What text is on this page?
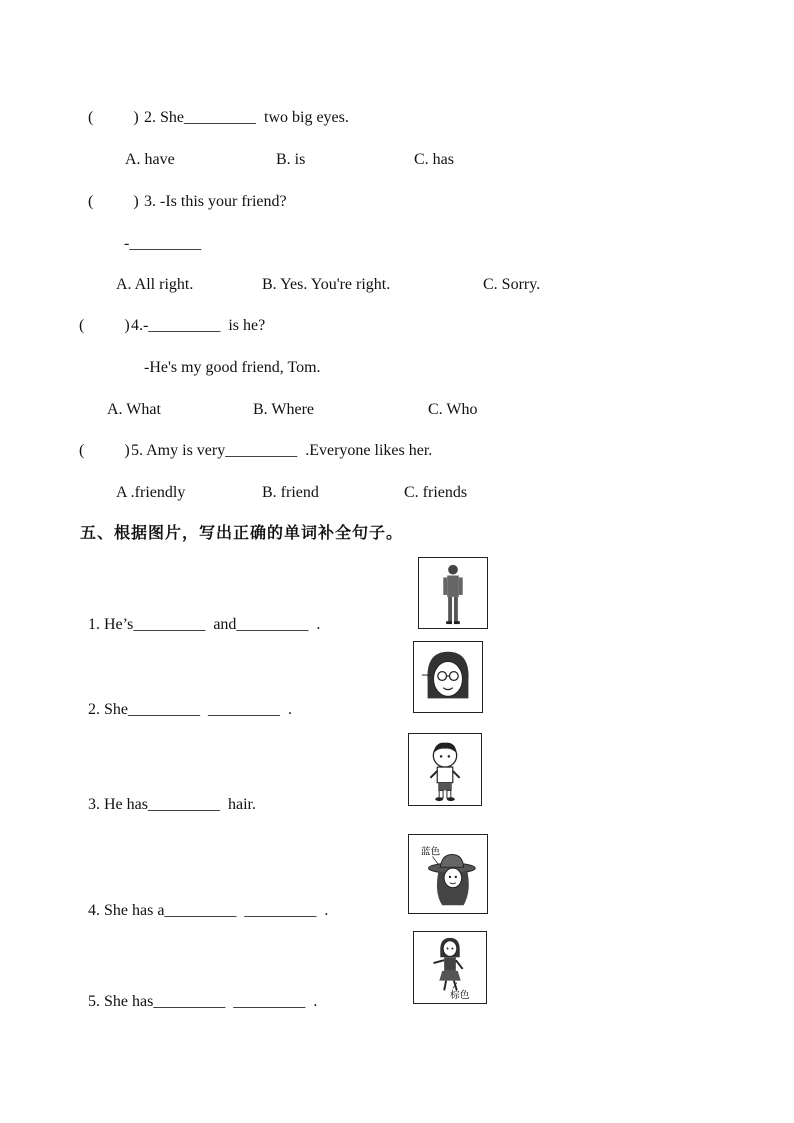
(          ) 2. She_________  two big eyes.
A. have	B. is	C. has
(          ) 3. -Is this your friend?
-_________
A. All right.	B. Yes. You're right.	C. Sorry.
(          ) 4.-_________  is he?
-He's my good friend, Tom.
A. What	B. Where	C. Who
(          ) 5. Amy is very_________  .Everyone likes her.
A .friendly	B. friend	C. friends
五、根据图片，写出正确的单词补全句子。
1. He’s_________  and_________  .
2. She_________  _________  .
3. He has_________  hair.
4. She has a_________  _________  .
蓝色
5. She has_________  _________  .	棕色
